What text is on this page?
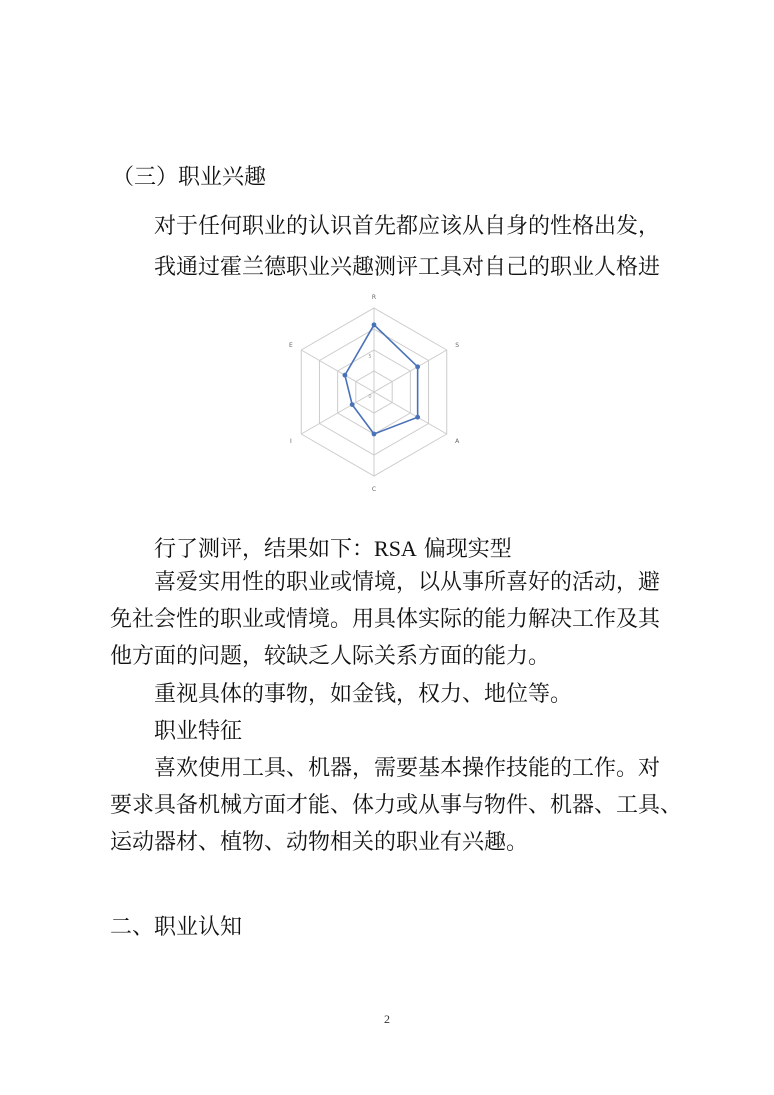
（三）职业兴趣
对于任何职业的认识首先都应该从自身的性格出发，
我通过霍兰德职业兴趣测评工具对自己的职业人格进
R
S
A
C
I
E
5
0
行了测评，结果如下：RSA 偏现实型
喜爱实用性的职业或情境，以从事所喜好的活动，避
免社会性的职业或情境。用具体实际的能力解决工作及其
他方面的问题，较缺乏人际关系方面的能力。
重视具体的事物，如金钱，权力、地位等。
职业特征
喜欢使用工具、机器，需要基本操作技能的工作。对
要求具备机械方面才能、体力或从事与物件、机器、工具、
运动器材、植物、动物相关的职业有兴趣。
二、职业认知
2
